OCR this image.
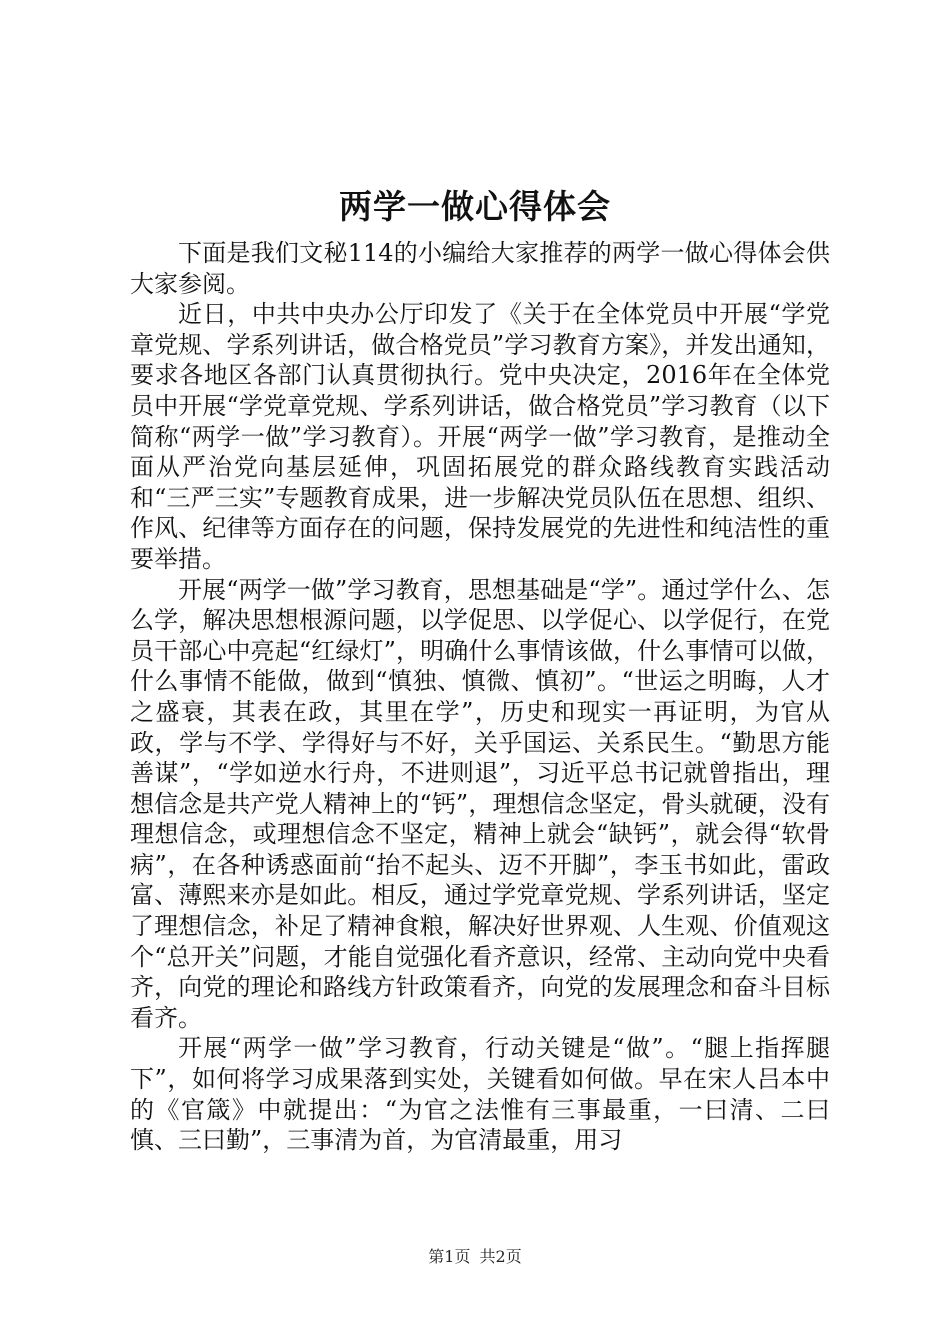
两学一做心得体会

下面是我们文秘114的小编给大家推荐的两学一做心得体会供大家参阅。

近日，中共中央办公厅印发了《关于在全体党员中开展“学党章党规、学系列讲话，做合格党员”学习教育方案》，并发出通知，要求各地区各部门认真贯彻执行。党中央决定，2016年在全体党员中开展“学党章党规、学系列讲话，做合格党员”学习教育（以下简称“两学一做”学习教育）。开展“两学一做”学习教育，是推动全面从严治党向基层延伸，巩固拓展党的群众路线教育实践活动和“三严三实”专题教育成果，进一步解决党员队伍在思想、组织、作风、纪律等方面存在的问题，保持发展党的先进性和纯洁性的重要举措。

开展“两学一做”学习教育，思想基础是“学”。通过学什么、怎么学，解决思想根源问题，以学促思、以学促心、以学促行，在党员干部心中亮起“红绿灯”，明确什么事情该做，什么事情可以做，什么事情不能做，做到“慎独、慎微、慎初”。“世运之明晦，人才之盛衰，其表在政，其里在学”，历史和现实一再证明，为官从政，学与不学、学得好与不好，关乎国运、关系民生。“勤思方能善谋”，“学如逆水行舟，不进则退”，习近平总书记就曾指出，理想信念是共产党人精神上的“钙”，理想信念坚定，骨头就硬，没有理想信念，或理想信念不坚定，精神上就会“缺钙”，就会得“软骨病”，在各种诱惑面前“抬不起头、迈不开脚”，李玉书如此，雷政富、薄熙来亦是如此。相反，通过学党章党规、学系列讲话，坚定了理想信念，补足了精神食粮，解决好世界观、人生观、价值观这个“总开关”问题，才能自觉强化看齐意识，经常、主动向党中央看齐，向党的理论和路线方针政策看齐，向党的发展理念和奋斗目标看齐。

开展“两学一做”学习教育，行动关键是“做”。“腿上指挥腿下”，如何将学习成果落到实处，关键看如何做。早在宋人吕本中的《官箴》中就提出：“为官之法惟有三事最重，一曰清、二曰慎、三曰勤”，三事清为首，为官清最重，用习

第1页 共2页
